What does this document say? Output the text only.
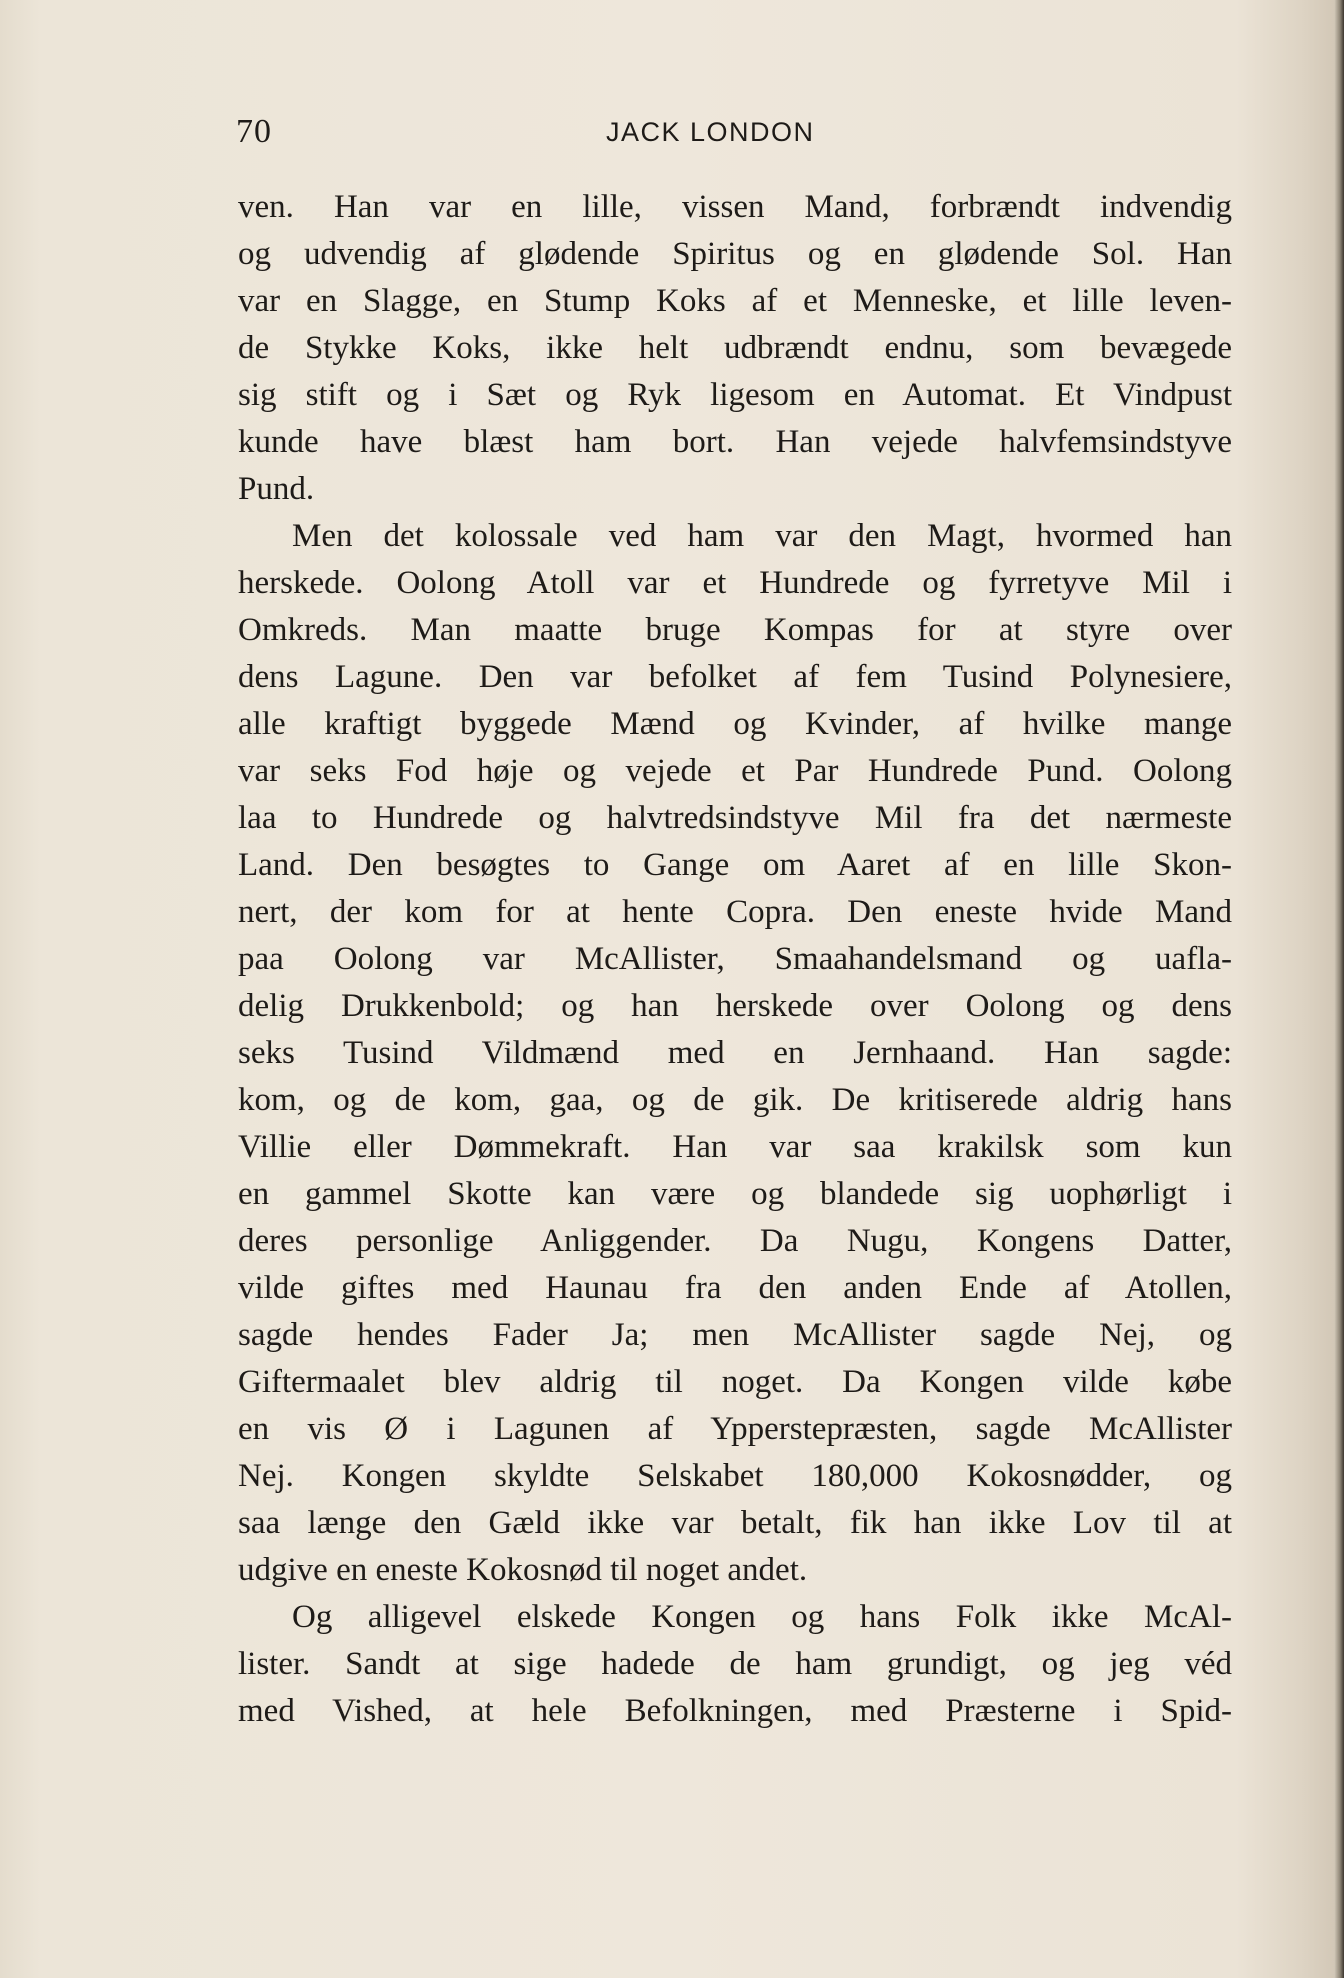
70	JACK LONDON
ven. Han var en lille, vissen Mand, forbrændt indvendig
og udvendig af glødende Spiritus og en glødende Sol. Han
var en Slagge, en Stump Koks af et Menneske, et lille leven-
de Stykke Koks, ikke helt udbrændt endnu, som bevægede
sig stift og i Sæt og Ryk ligesom en Automat. Et Vindpust
kunde have blæst ham bort. Han vejede halvfemsindstyve
Pund.
Men det kolossale ved ham var den Magt, hvormed han
herskede. Oolong Atoll var et Hundrede og fyrretyve Mil i
Omkreds. Man maatte bruge Kompas for at styre over
dens Lagune. Den var befolket af fem Tusind Polynesiere,
alle kraftigt byggede Mænd og Kvinder, af hvilke mange
var seks Fod høje og vejede et Par Hundrede Pund. Oolong
laa to Hundrede og halvtredsindstyve Mil fra det nærmeste
Land. Den besøgtes to Gange om Aaret af en lille Skon-
nert, der kom for at hente Copra. Den eneste hvide Mand
paa Oolong var McAllister, Smaahandelsmand og uafla-
delig Drukkenbold; og han herskede over Oolong og dens
seks Tusind Vildmænd med en Jernhaand. Han sagde:
kom, og de kom, gaa, og de gik. De kritiserede aldrig hans
Villie eller Dømmekraft. Han var saa krakilsk som kun
en gammel Skotte kan være og blandede sig uophørligt i
deres personlige Anliggender. Da Nugu, Kongens Datter,
vilde giftes med Haunau fra den anden Ende af Atollen,
sagde hendes Fader Ja; men McAllister sagde Nej, og
Giftermaalet blev aldrig til noget. Da Kongen vilde købe
en vis Ø i Lagunen af Ypperstepræsten, sagde McAllister
Nej. Kongen skyldte Selskabet 180,000 Kokosnødder, og
saa længe den Gæld ikke var betalt, fik han ikke Lov til at
udgive en eneste Kokosnød til noget andet.
Og alligevel elskede Kongen og hans Folk ikke McAl-
lister. Sandt at sige hadede de ham grundigt, og jeg véd
med Vished, at hele Befolkningen, med Præsterne i Spid-
